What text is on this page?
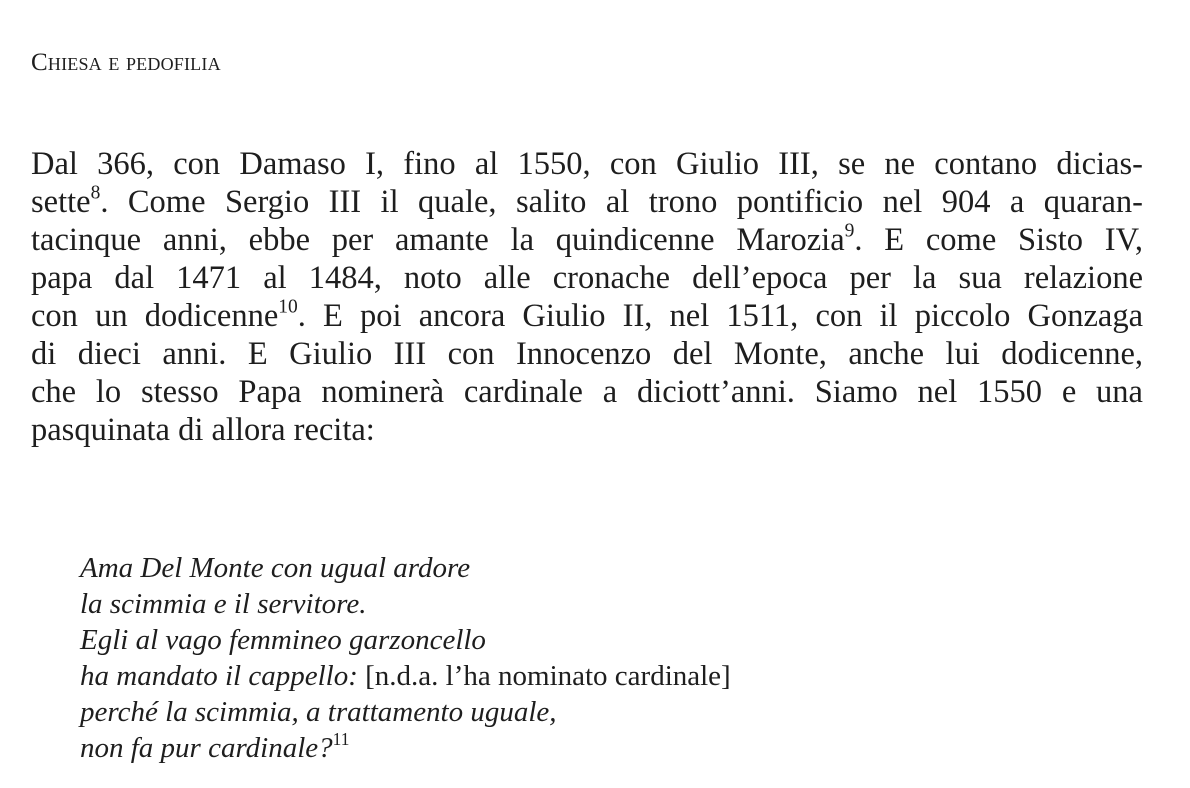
Chiesa e pedofilia
Dal 366, con Damaso I, fino al 1550, con Giulio III, se ne contano dicias-
sette$^8$. Come Sergio III il quale, salito al trono pontificio nel 904 a quaran-
tacinque anni, ebbe per amante la quindicenne Marozia$^9$. E come Sisto IV,
papa dal 1471 al 1484, noto alle cronache dell’epoca per la sua relazione
con un dodicenne$^{10}$. E poi ancora Giulio II, nel 1511, con il piccolo Gonzaga
di dieci anni. E Giulio III con Innocenzo del Monte, anche lui dodicenne,
che lo stesso Papa nominerà cardinale a diciott’anni. Siamo nel 1550 e una
pasquinata di allora recita:
Ama Del Monte con ugual ardore
la scimmia e il servitore.
Egli al vago femmineo garzoncello
ha mandato il cappello: [n.d.a. l’ha nominato cardinale]
perché la scimmia, a trattamento uguale,
non fa pur cardinale?$^{11}$
